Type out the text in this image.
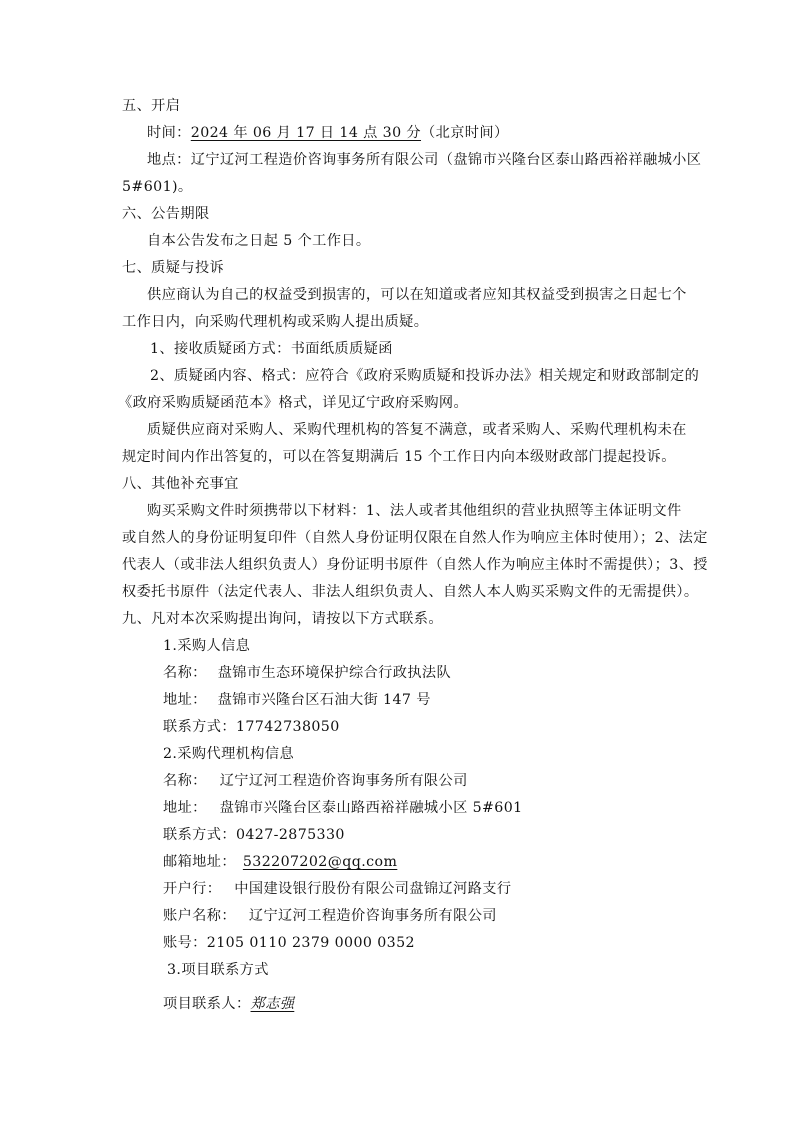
五、开启
时间：2024 年 06 月 17 日 14 点 30 分（北京时间）
地点：辽宁辽河工程造价咨询事务所有限公司（盘锦市兴隆台区泰山路西裕祥融城小区
5#601)。
六、公告期限
自本公告发布之日起 5 个工作日。
七、质疑与投诉
供应商认为自己的权益受到损害的，可以在知道或者应知其权益受到损害之日起七个
工作日内，向采购代理机构或采购人提出质疑。
1、接收质疑函方式：书面纸质质疑函
2、质疑函内容、格式：应符合《政府采购质疑和投诉办法》相关规定和财政部制定的
《政府采购质疑函范本》格式，详见辽宁政府采购网。
质疑供应商对采购人、采购代理机构的答复不满意，或者采购人、采购代理机构未在
规定时间内作出答复的，可以在答复期满后 15 个工作日内向本级财政部门提起投诉。
八、其他补充事宜
购买采购文件时须携带以下材料：1、法人或者其他组织的营业执照等主体证明文件
或自然人的身份证明复印件（自然人身份证明仅限在自然人作为响应主体时使用）；2、法定
代表人（或非法人组织负责人）身份证明书原件（自然人作为响应主体时不需提供）；3、授
权委托书原件（法定代表人、非法人组织负责人、自然人本人购买采购文件的无需提供）。
九、凡对本次采购提出询问，请按以下方式联系。
1.采购人信息
名称： 盘锦市生态环境保护综合行政执法队
地址： 盘锦市兴隆台区石油大街 147 号
联系方式：17742738050
2.采购代理机构信息
名称： 辽宁辽河工程造价咨询事务所有限公司
地址： 盘锦市兴隆台区泰山路西裕祥融城小区 5#601
联系方式：0427-2875330
邮箱地址： 532207202@qq.com
开户行： 中国建设银行股份有限公司盘锦辽河路支行
账户名称： 辽宁辽河工程造价咨询事务所有限公司
账号：2105 0110 2379 0000 0352
3.项目联系方式
项目联系人：郑志强
